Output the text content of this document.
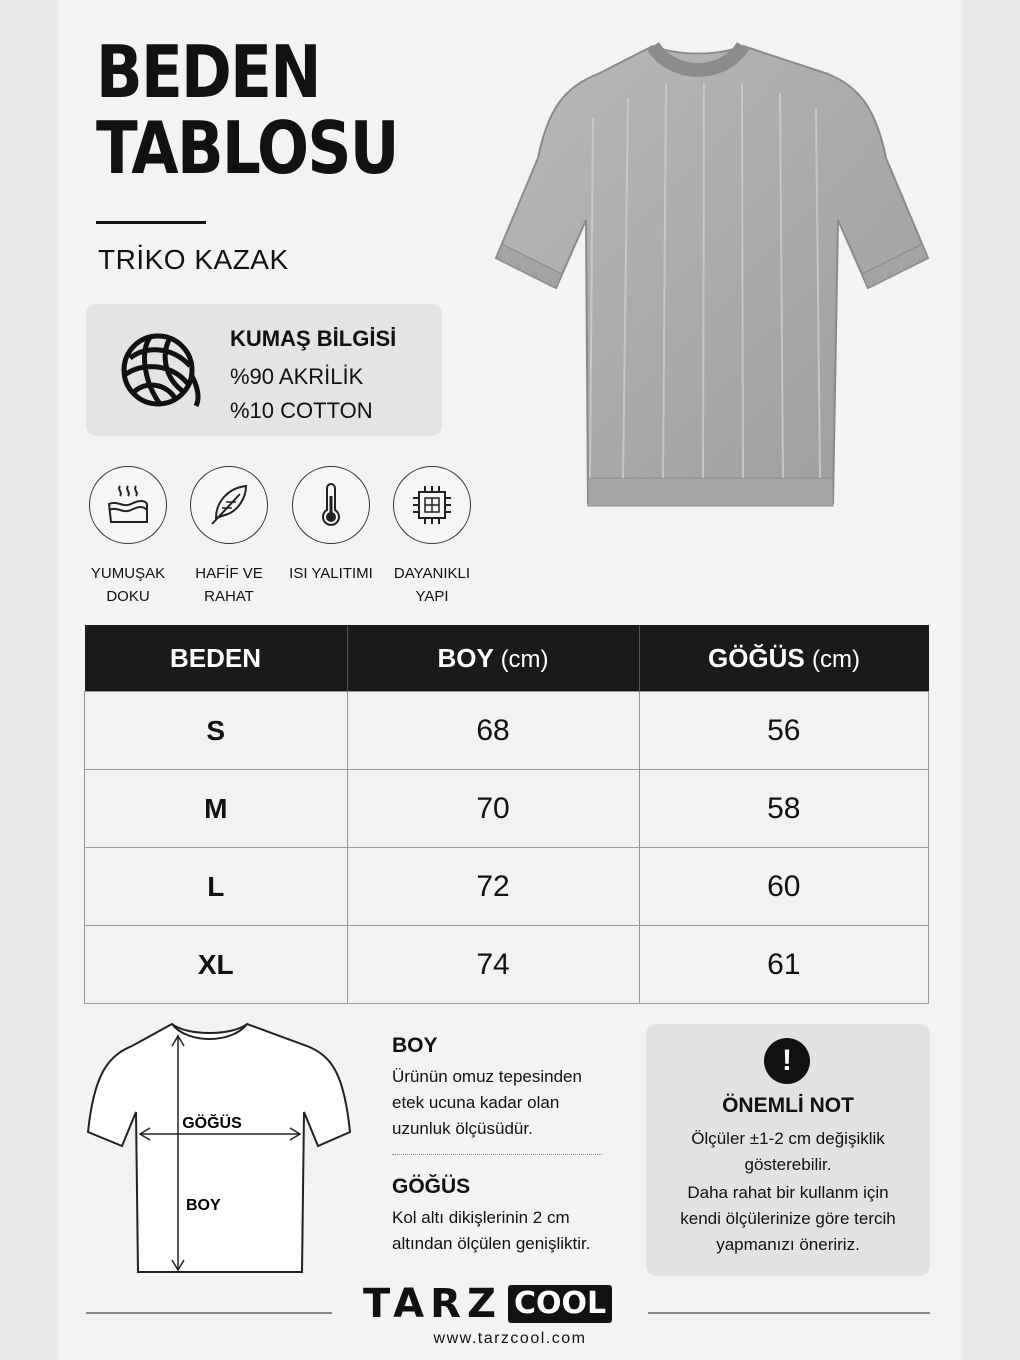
BEDEN
TABLOSU
TRİKO KAZAK
KUMAŞ BİLGİSİ
%90 AKRİLİK
%10 COTTON
YUMUŞAK
DOKU
HAFİF VE
RAHAT
ISI YALITIMI	DAYANIKLI
YAPI
BEDEN	BOY (cm)	GÖĞÜS (cm)
S	68	56
M	70	58
L	72	60
XL	74	61
GÖĞÜS
BOY
BOY
Ürünün omuz tepesinden
etek ucuna kadar olan
uzunluk ölçüsüdür.
GÖĞÜS
Kol altı dikişlerinin 2 cm
altından ölçülen genişliktir.
!
ÖNEMLİ NOT
Ölçüler ±1-2 cm değişiklik
gösterebilir.
Daha rahat bir kullanm için
kendi ölçülerinize göre tercih
yapmanızı öneririz.
TARZ COOL
www.tarzcool.com
